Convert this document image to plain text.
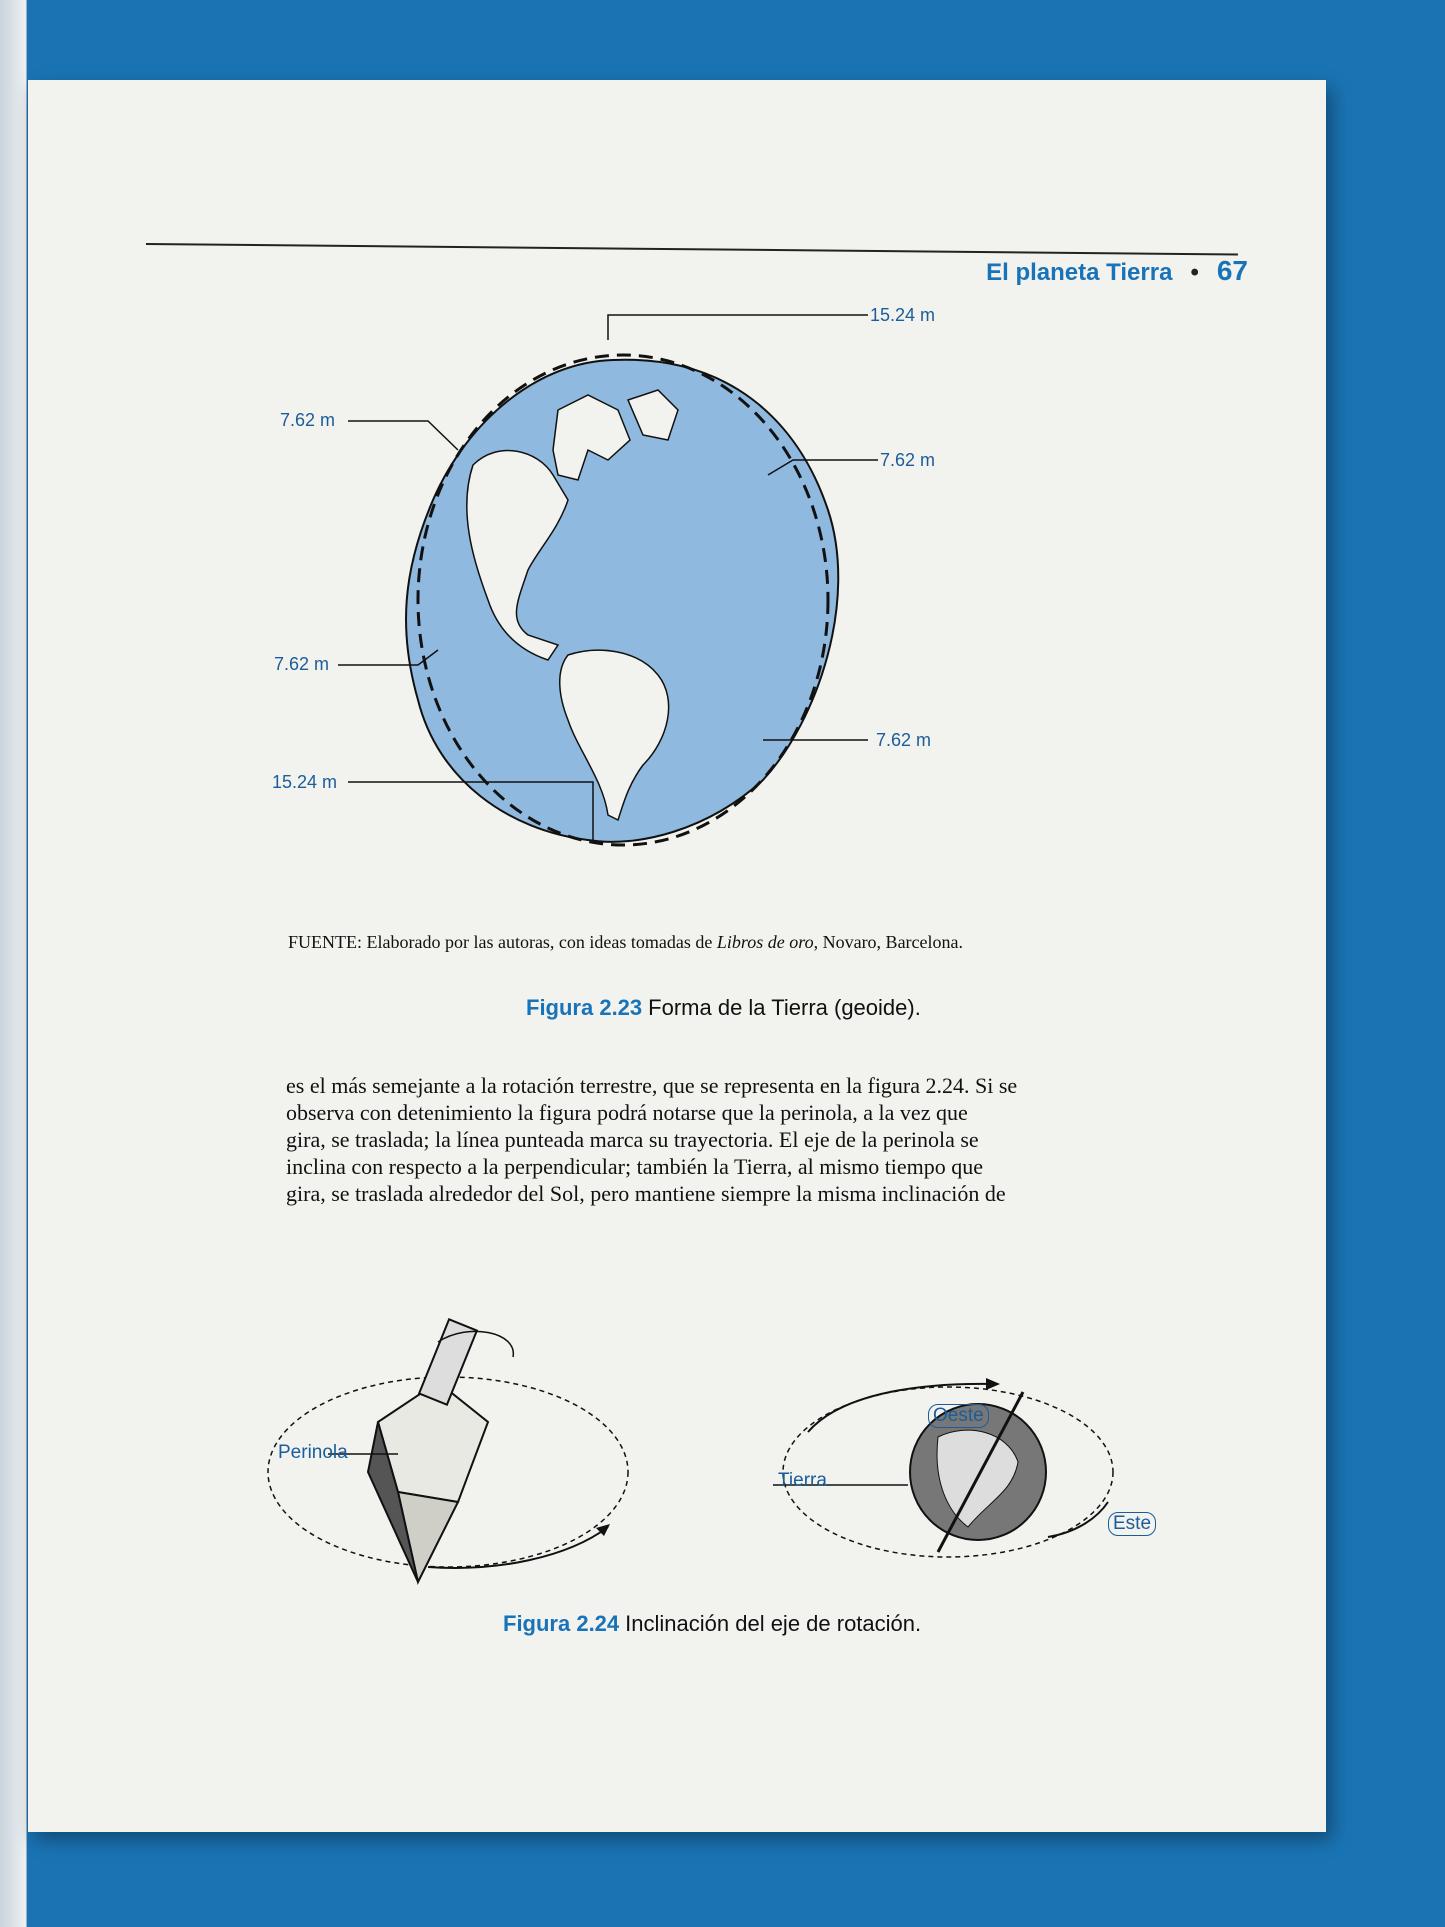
El planeta Tierra • 67
15.24 m
7.62 m
7.62 m
7.62 m
7.62 m
15.24 m
FUENTE: Elaborado por las autoras, con ideas tomadas de Libros de oro, Novaro, Barcelona.
Figura 2.23 Forma de la Tierra (geoide).
es el más semejante a la rotación terrestre, que se representa en la figura 2.24. Si se
observa con detenimiento la figura podrá notarse que la perinola, a la vez que
gira, se traslada; la línea punteada marca su trayectoria. El eje de la perinola se
inclina con respecto a la perpendicular; también la Tierra, al mismo tiempo que
gira, se traslada alrededor del Sol, pero mantiene siempre la misma inclinación de
Perinola
Tierra
Oeste
Este
Figura 2.24 Inclinación del eje de rotación.
